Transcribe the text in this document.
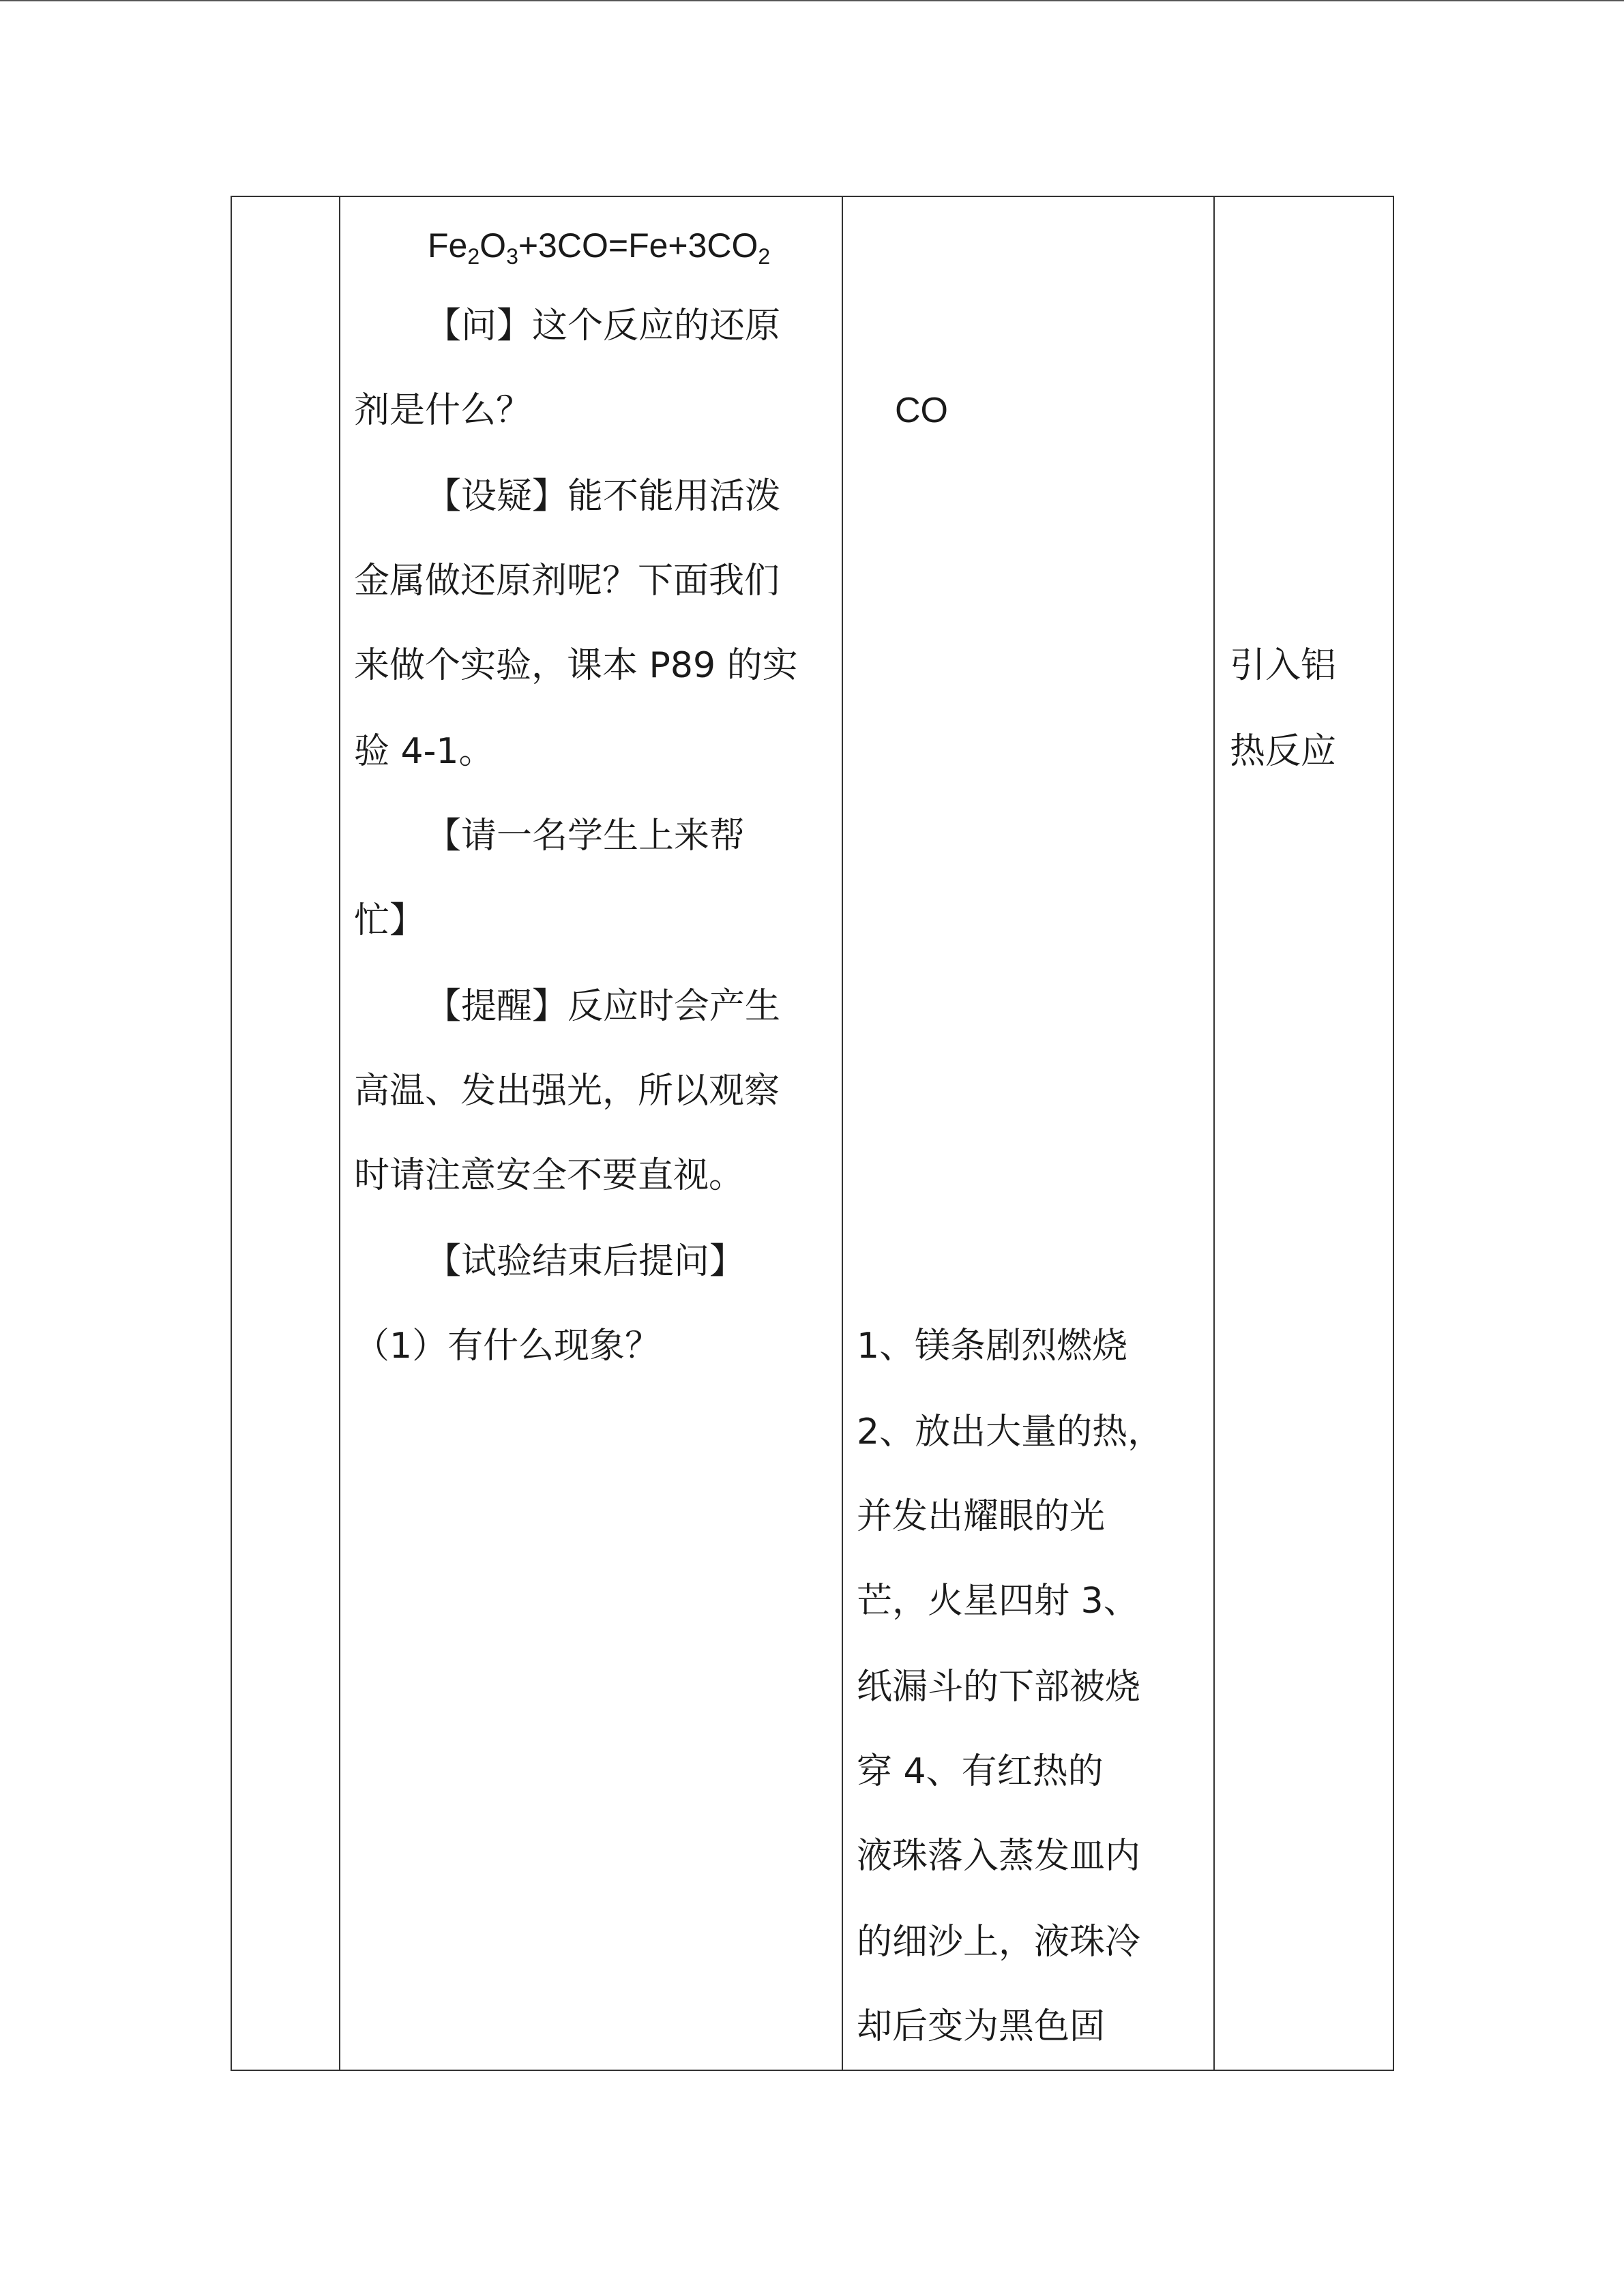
$Fe_2O_3+3CO=Fe+3CO_2$
【问】这个反应的还原
剂是什么？
【设疑】能不能用活泼
金属做还原剂呢？下面我们
来做个实验，课本 P89 的实
验 4-1。
【请一名学生上来帮
忙】
【提醒】反应时会产生
高温、发出强光，所以观察
时请注意安全不要直视。
【试验结束后提问】
（1）有什么现象？
CO
1、镁条剧烈燃烧
2、放出大量的热，
并发出耀眼的光
芒，火星四射 3、
纸漏斗的下部被烧
穿 4、有红热的
液珠落入蒸发皿内
的细沙上，液珠冷
却后变为黑色固
引入铝
热反应
